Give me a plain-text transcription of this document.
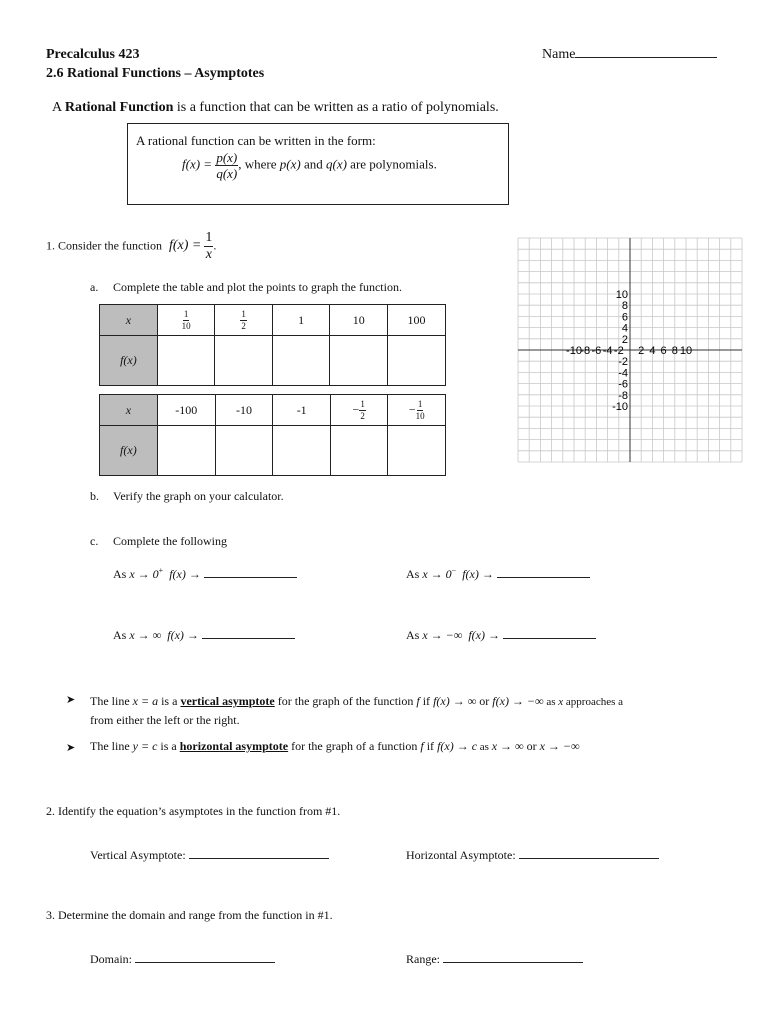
Precalculus 423
2.6 Rational Functions – Asymptotes
Name
A Rational Function is a function that can be written as a ratio of polynomials.
A rational function can be written in the form:
$f(x) = \frac{p(x)}{q(x)}$ , where p(x) and q(x) are polynomials.
1. Consider the function $f(x) = \frac{1}{x}$ .
a. Complete the table and plot the points to graph the function.
x	$\frac{1}{10}$	$\frac{1}{2}$	1	10	100
f(x)					
x	-100	-10	-1	− $\frac{1}{2}$	− $\frac{1}{10}$

f(x)					
-10
-8 -6 -4 -2 2 4 6 8 10
10
8
6
4
2
-2
-4
-6
-8
-10
b. Verify the graph on your calculator.
c. Complete the following
As x → 0+ f(x) →	As x → 0− f(x) →
As x → ∞ f(x) →	As x → −∞ f(x) →
➤ The line x = a is a vertical asymptote for the graph of the function f if f(x) → ∞ or f(x) → −∞ as x approaches a
from either the left or the right.
➤ The line y = c is a horizontal asymptote for the graph of a function f if f(x) → c as x → ∞ or x → −∞
2. Identify the equation’s asymptotes in the function from #1.
Vertical Asymptote:	Horizontal Asymptote:
3. Determine the domain and range from the function in #1.
Domain:	Range:
